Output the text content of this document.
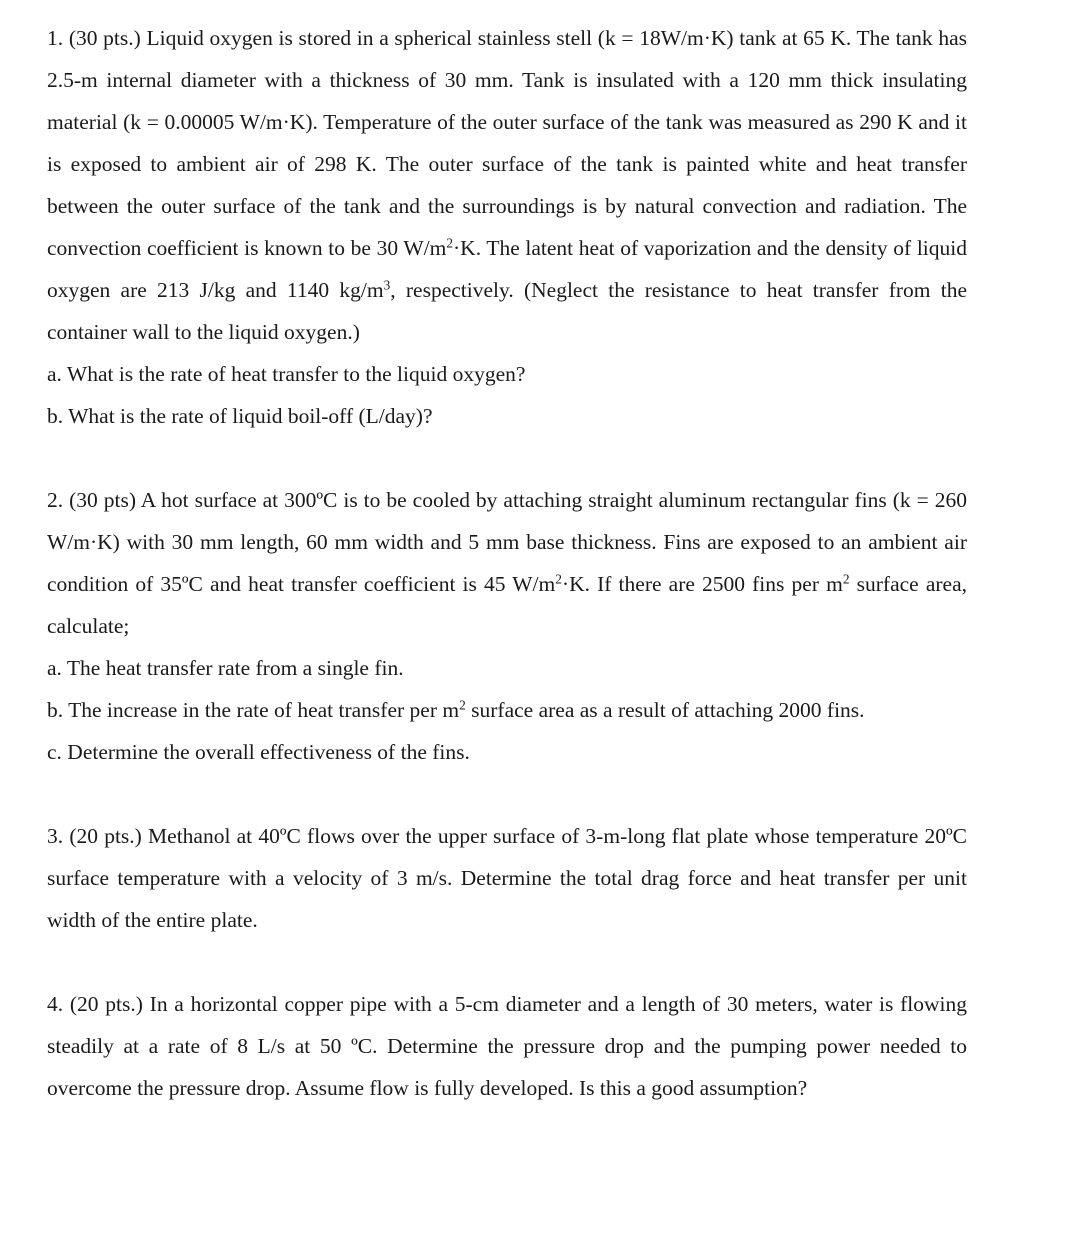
1. (30 pts.) Liquid oxygen is stored in a spherical stainless stell (k = 18W/m·K) tank at 65 K. The tank has 2.5-m internal diameter with a thickness of 30 mm. Tank is insulated with a 120 mm thick insulating material (k = 0.00005 W/m·K). Temperature of the outer surface of the tank was measured as 290 K and it is exposed to ambient air of 298 K. The outer surface of the tank is painted white and heat transfer between the outer surface of the tank and the surroundings is by natural convection and radiation. The convection coefficient is known to be 30 $W/m^2\cdot K$. The latent heat of vaporization and the density of liquid oxygen are 213 J/kg and 1140 $kg/m^3$, respectively. (Neglect the resistance to heat transfer from the container wall to the liquid oxygen.)

a. What is the rate of heat transfer to the liquid oxygen?
b. What is the rate of liquid boil-off (L/day)?

2. (30 pts) A hot surface at 300ºC is to be cooled by attaching straight aluminum rectangular fins (k = 260 W/m·K) with 30 mm length, 60 mm width and 5 mm base thickness. Fins are exposed to an ambient air condition of 35ºC and heat transfer coefficient is 45 $W/m^2\cdot K$. If there are 2500 fins per $m^2$ surface area, calculate;

a. The heat transfer rate from a single fin.
b. The increase in the rate of heat transfer per $m^2$ surface area as a result of attaching 2000 fins.
c. Determine the overall effectiveness of the fins.

3. (20 pts.) Methanol at 40ºC flows over the upper surface of 3-m-long flat plate whose temperature 20ºC surface temperature with a velocity of 3 m/s. Determine the total drag force and heat transfer per unit width of the entire plate.

4. (20 pts.) In a horizontal copper pipe with a 5-cm diameter and a length of 30 meters, water is flowing steadily at a rate of 8 L/s at 50 ºC. Determine the pressure drop and the pumping power needed to overcome the pressure drop. Assume flow is fully developed. Is this a good assumption?
